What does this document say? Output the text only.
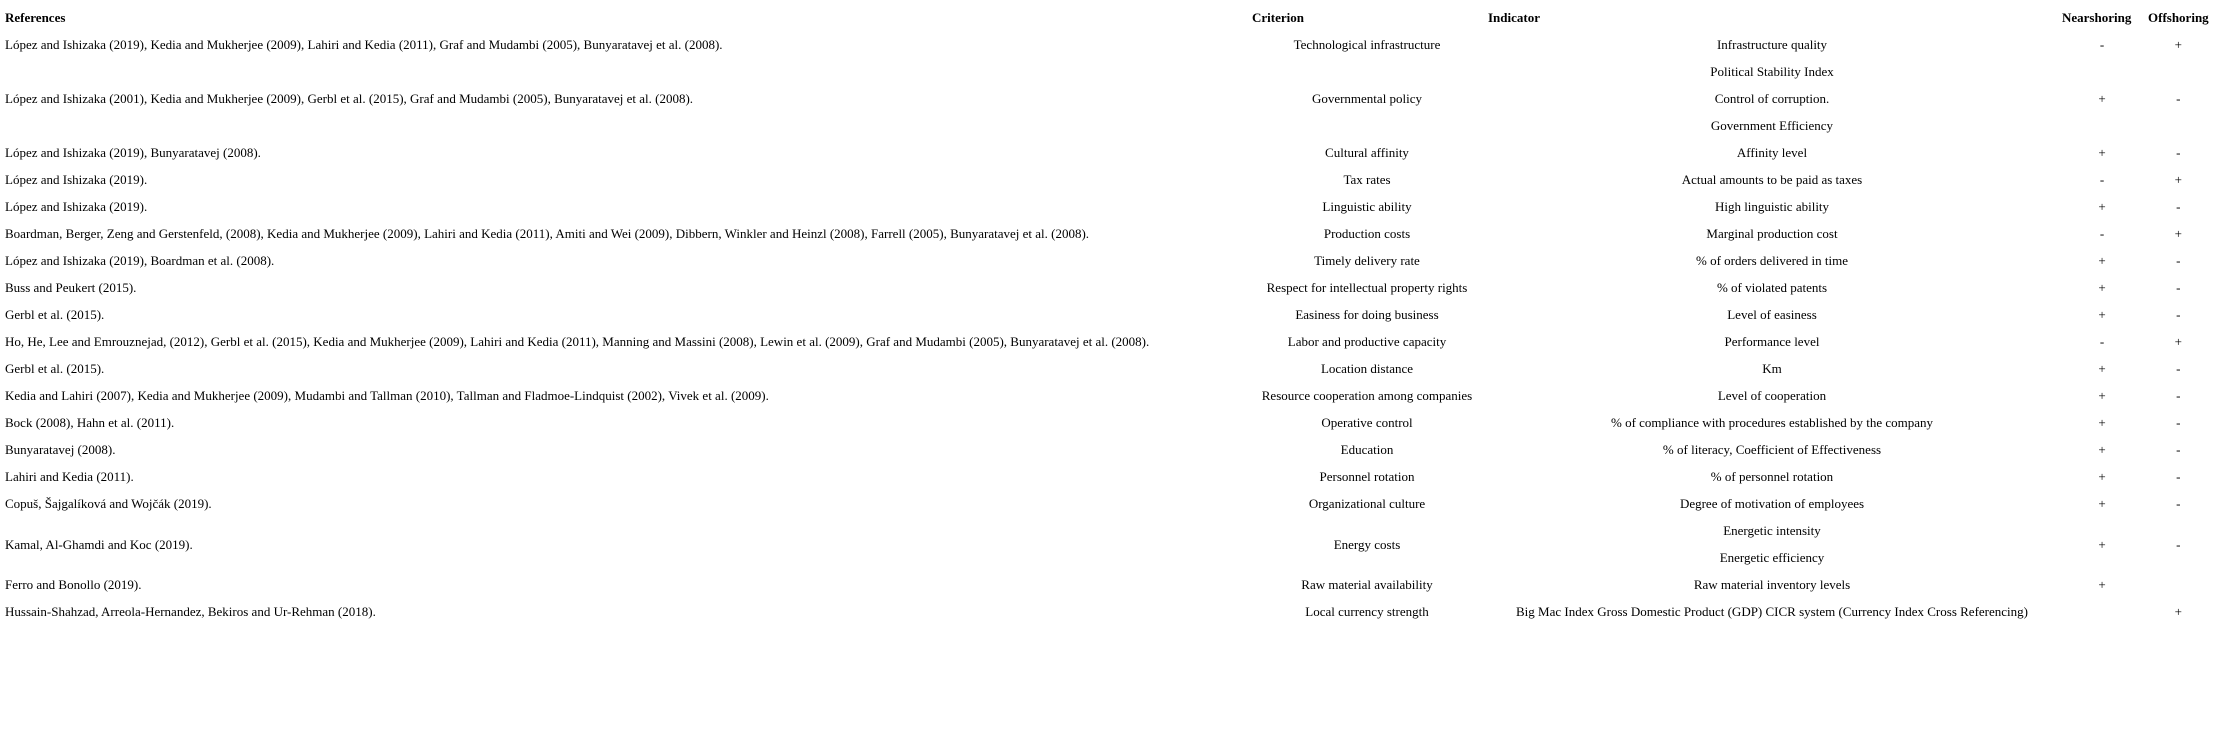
References	Criterion	Indicator	Nearshoring	Offshoring
López and Ishizaka (2019), Kedia and Mukherjee (2009), Lahiri and Kedia (2011), Graf and Mudambi (2005), Bunyaratavej et al. (2008).	Technological infrastructure	Infrastructure quality	-	+
López and Ishizaka (2001), Kedia and Mukherjee (2009), Gerbl et al. (2015), Graf and Mudambi (2005), Bunyaratavej et al. (2008).	Governmental policy	Political Stability Index	+	-
		Control of corruption.		
		Government Efficiency		
López and Ishizaka (2019), Bunyaratavej (2008).	Cultural affinity	Affinity level	+	-
López and Ishizaka (2019).	Tax rates	Actual amounts to be paid as taxes	-	+
López and Ishizaka (2019).	Linguistic ability	High linguistic ability	+	-
Boardman, Berger, Zeng and Gerstenfeld, (2008), Kedia and Mukherjee (2009), Lahiri and Kedia (2011), Amiti and Wei (2009), Dibbern, Winkler and Heinzl (2008), Farrell (2005), Bunyaratavej et al. (2008).	Production costs	Marginal production cost	-	+
López and Ishizaka (2019), Boardman et al. (2008).	Timely delivery rate	% of orders delivered in time	+	-
Buss and Peukert (2015).	Respect for intellectual property rights	% of violated patents	+	-
Gerbl et al. (2015).	Easiness for doing business	Level of easiness	+	-
Ho, He, Lee and Emrouznejad, (2012), Gerbl et al. (2015), Kedia and Mukherjee (2009), Lahiri and Kedia (2011), Manning and Massini (2008), Lewin et al. (2009), Graf and Mudambi (2005), Bunyaratavej et al. (2008).	Labor and productive capacity	Performance level	-	+
Gerbl et al. (2015).	Location distance	Km	+	-
Kedia and Lahiri (2007), Kedia and Mukherjee (2009), Mudambi and Tallman (2010), Tallman and Fladmoe-Lindquist (2002), Vivek et al. (2009).	Resource cooperation among companies	Level of cooperation	+	-
Bock (2008), Hahn et al. (2011).	Operative control	% of compliance with procedures established by the company	+	-
Bunyaratavej (2008).	Education	% of literacy, Coefficient of Effectiveness	+	-
Lahiri and Kedia (2011).	Personnel rotation	% of personnel rotation	+	-
Copuš, Šajgalíková and Wojčák (2019).	Organizational culture	Degree of motivation of employees	+	-
Kamal, Al-Ghamdi and Koc (2019).	Energy costs	Energetic intensity	+	-
		Energetic efficiency		
Ferro and Bonollo (2019).	Raw material availability	Raw material inventory levels	+	
Hussain-Shahzad, Arreola-Hernandez, Bekiros and Ur-Rehman (2018).	Local currency strength	Big Mac Index Gross Domestic Product (GDP) CICR system (Currency Index Cross Referencing)		+
